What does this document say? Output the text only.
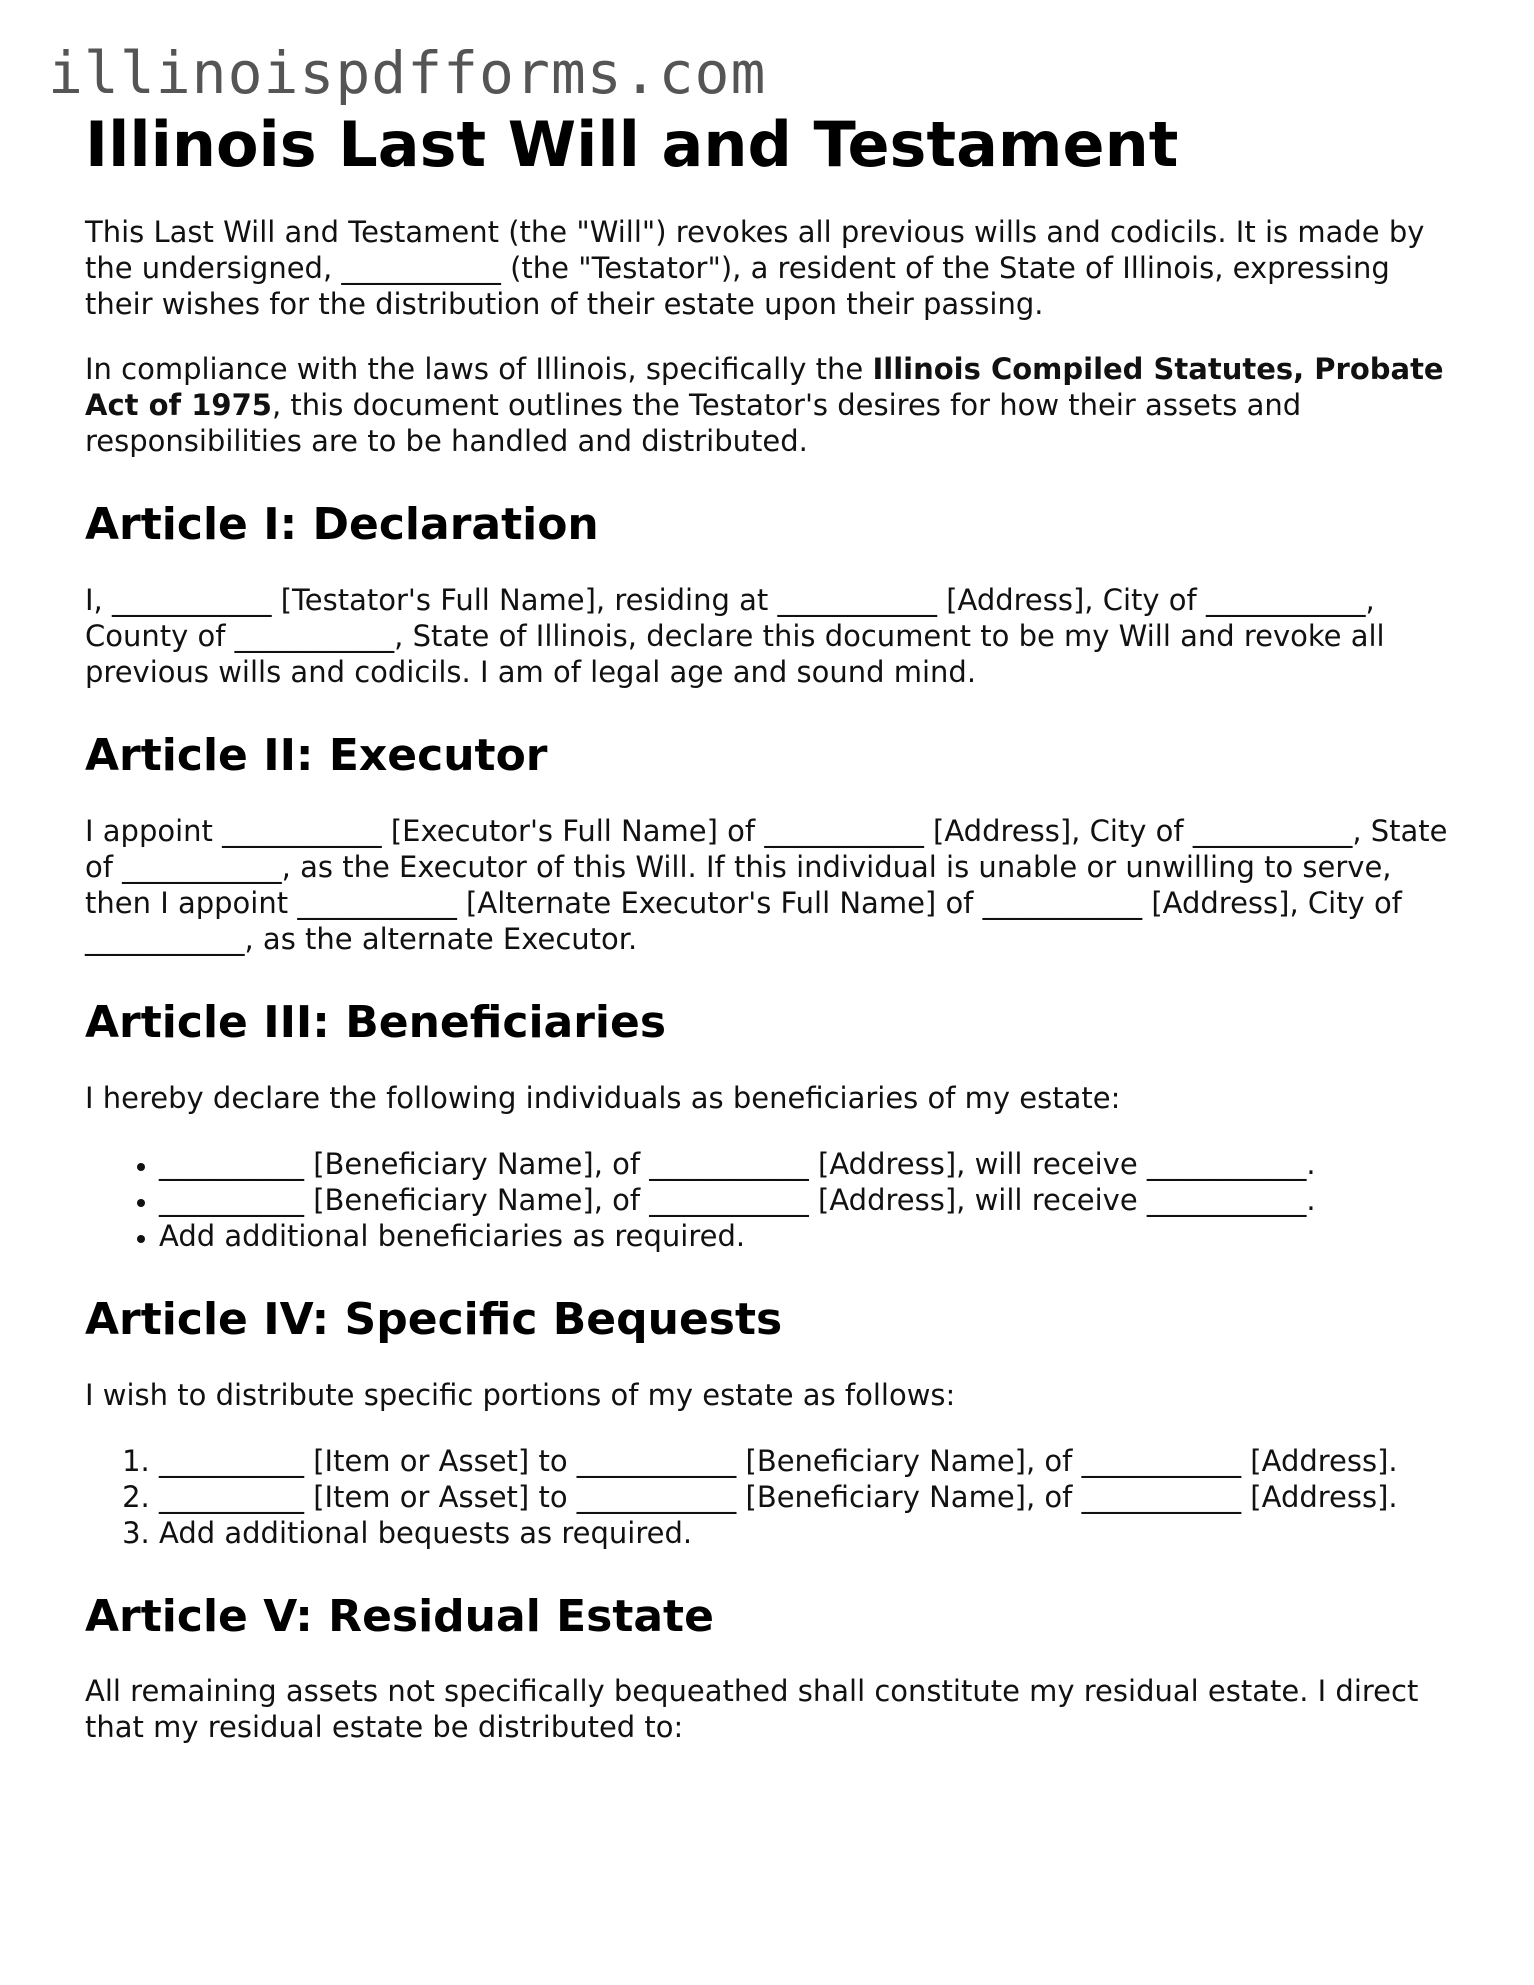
illinoispdfforms.com
Illinois Last Will and Testament

This Last Will and Testament (the "Will") revokes all previous wills and codicils. It is made by the undersigned, ___________ (the "Testator"), a resident of the State of Illinois, expressing their wishes for the distribution of their estate upon their passing.

In compliance with the laws of Illinois, specifically the Illinois Compiled Statutes, Probate Act of 1975, this document outlines the Testator's desires for how their assets and responsibilities are to be handled and distributed.

Article I: Declaration

I, ___________ [Testator's Full Name], residing at ___________ [Address], City of ___________, County of ___________, State of Illinois, declare this document to be my Will and revoke all previous wills and codicils. I am of legal age and sound mind.

Article II: Executor

I appoint ___________ [Executor's Full Name] of ___________ [Address], City of ___________, State of ___________, as the Executor of this Will. If this individual is unable or unwilling to serve, then I appoint ___________ [Alternate Executor's Full Name] of ___________ [Address], City of ___________, as the alternate Executor.

Article III: Beneficiaries

I hereby declare the following individuals as beneficiaries of my estate:

• __________ [Beneficiary Name], of ___________ [Address], will receive ___________.
• __________ [Beneficiary Name], of ___________ [Address], will receive ___________.
• Add additional beneficiaries as required.
Article IV: Specific Bequests

I wish to distribute specific portions of my estate as follows:

1. __________ [Item or Asset] to ___________ [Beneficiary Name], of ___________ [Address].
2. __________ [Item or Asset] to ___________ [Beneficiary Name], of ___________ [Address].
3. Add additional bequests as required.
Article V: Residual Estate

All remaining assets not specifically bequeathed shall constitute my residual estate. I direct that my residual estate be distributed to:
